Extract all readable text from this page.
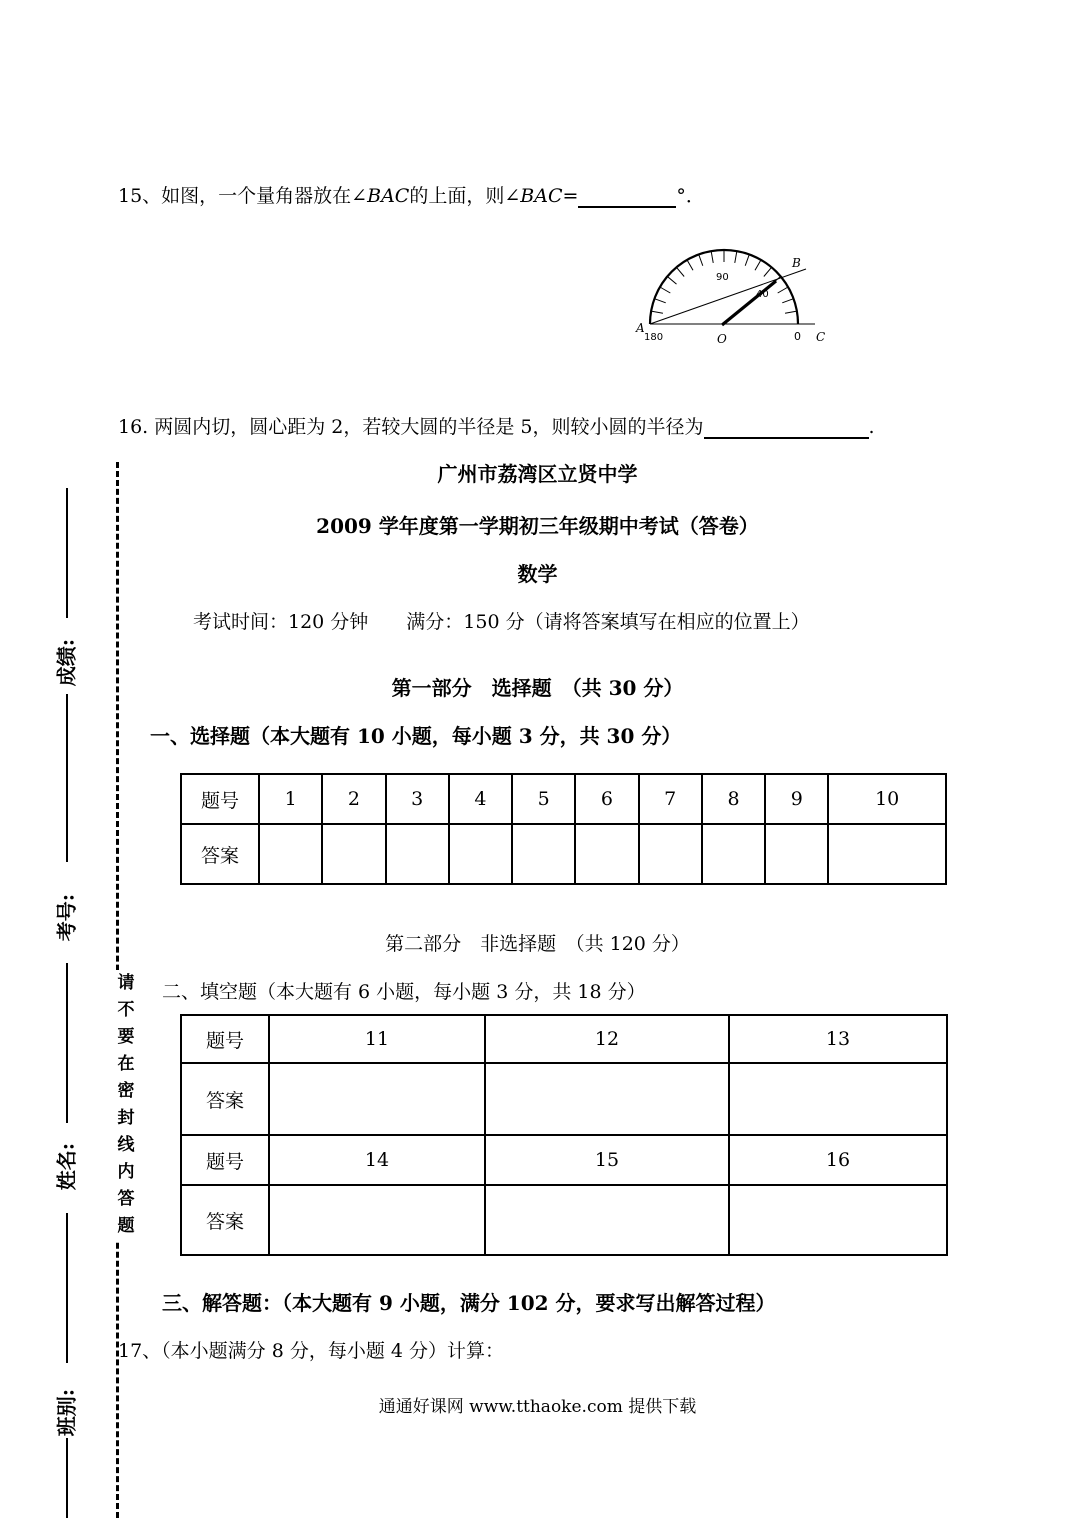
15、如图，一个量角器放在∠BAC的上面，则∠BAC=	°．
90
40
180	0
A
B
C
O
16. 两圆内切，圆心距为 2，若较大圆的半径是 5，则较小圆的半径为	.
广州市荔湾区立贤中学
2009 学年度第一学期初三年级期中考试（答卷）
数学
考试时间：120 分钟　　满分：150 分（请将答案填写在相应的位置上）
第一部分　选择题　（共 30 分）
一、选择题（本大题有 10 小题，每小题 3 分，共 30 分）
题号	1	2	3	4	5	6	7	8	9	10
答案										
第二部分　非选择题　（共 120 分）
二、填空题（本大题有 6 小题，每小题 3 分，共 18 分）
题号	11	12	13
答案			
题号	14	15	16
答案			
三、解答题：（本大题有 9 小题，满分 102 分，要求写出解答过程）
17、（本小题满分 8 分，每小题 4 分）计算：
通通好课网 www.tthaoke.com 提供下载
成绩:
考号:
姓名:
班别:
请
不
要
在
密
封
线
内
答
题
